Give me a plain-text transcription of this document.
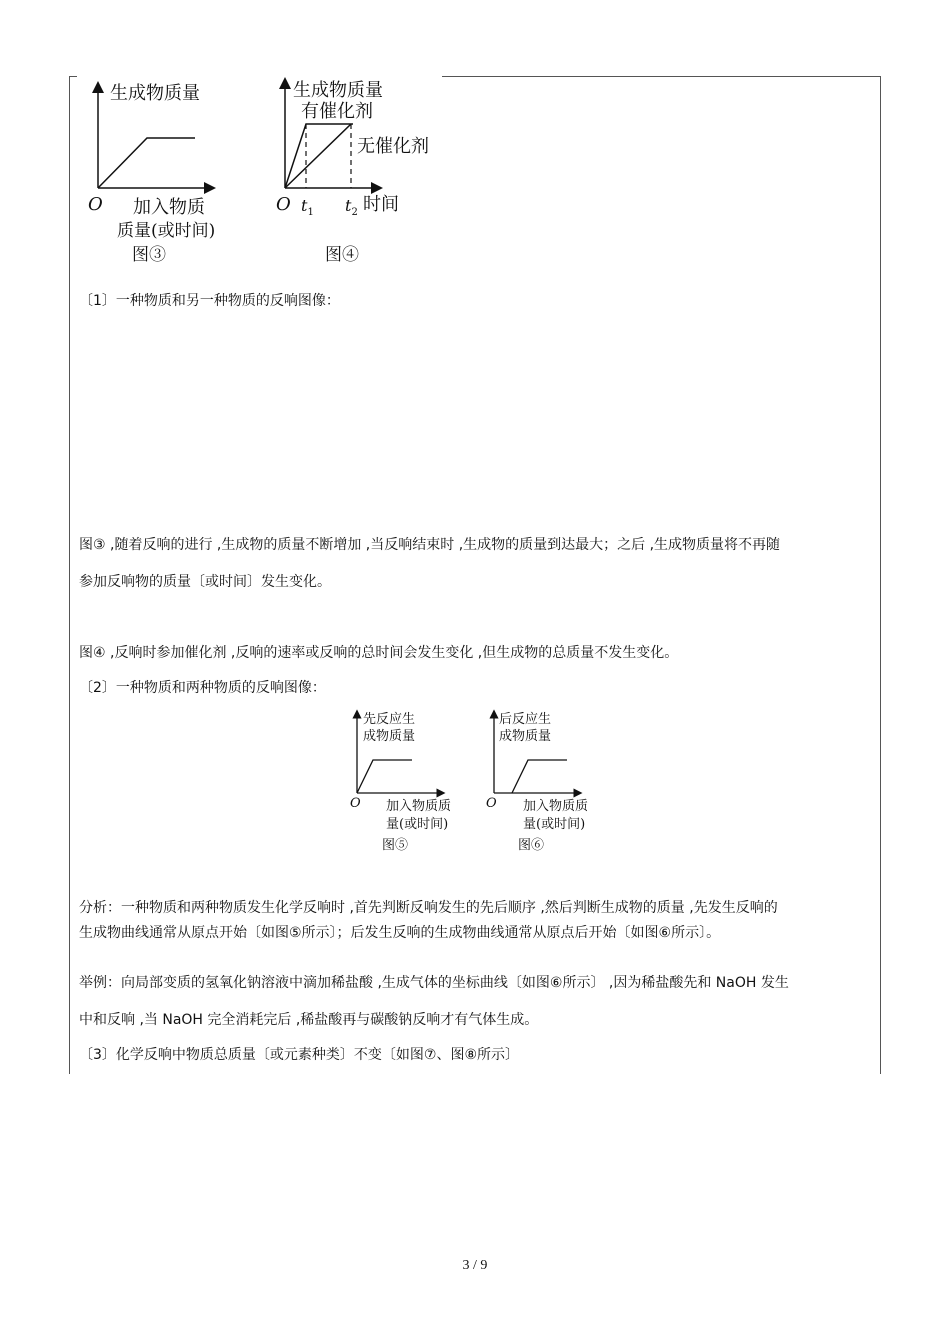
生成物质量
O 加入物质
质量(或时间)
图③
生成物质量
有催化剂
无催化剂
O $t_1$ $t_2$ 时间
图④
〔1〕一种物质和另一种物质的反响图像：
图③ ,随着反响的进行 ,生成物的质量不断增加 ,当反响结束时 ,生成物的质量到达最大；之后 ,生成物质量将不再随
参加反响物的质量〔或时间〕发生变化。
图④ ,反响时参加催化剂 ,反响的速率或反响的总时间会发生变化 ,但生成物的总质量不发生变化。
〔2〕一种物质和两种物质的反响图像：
先反应生
成物质量
O 加入物质质
量(或时间)
图⑤
后反应生
成物质量
O 加入物质质
量(或时间)
图⑥
分析：一种物质和两种物质发生化学反响时 ,首先判断反响发生的先后顺序 ,然后判断生成物的质量 ,先发生反响的
生成物曲线通常从原点开始〔如图⑤所示〕；后发生反响的生成物曲线通常从原点后开始〔如图⑥所示〕。
举例：向局部变质的氢氧化钠溶液中滴加稀盐酸 ,生成气体的坐标曲线〔如图⑥所示〕 ,因为稀盐酸先和 NaOH 发生
中和反响 ,当 NaOH 完全消耗完后 ,稀盐酸再与碳酸钠反响才有气体生成。
〔3〕化学反响中物质总质量〔或元素种类〕不变〔如图⑦、图⑧所示〕
3 / 9
